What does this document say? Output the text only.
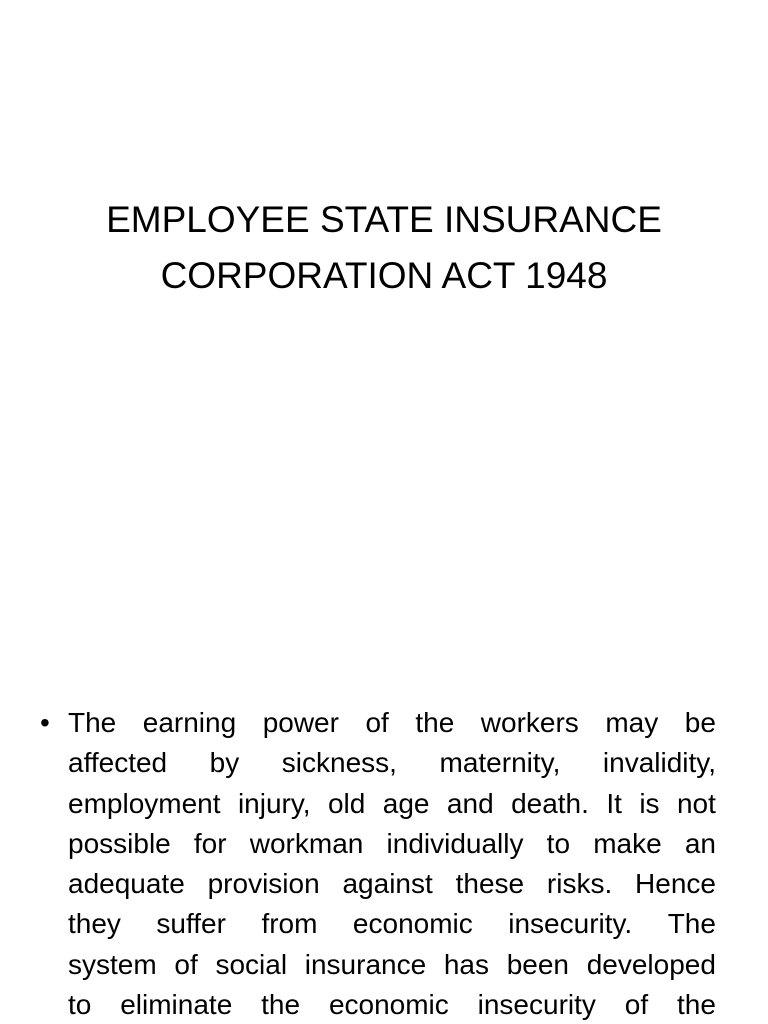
EMPLOYEE STATE INSURANCE
CORPORATION ACT 1948
• The earning power of the workers may be
affected by sickness, maternity, invalidity,
employment injury, old age and death. It is not
possible for workman individually to make an
adequate provision against these risks. Hence
they suffer from economic insecurity. The
system of social insurance has been developed
to eliminate the economic insecurity of the
